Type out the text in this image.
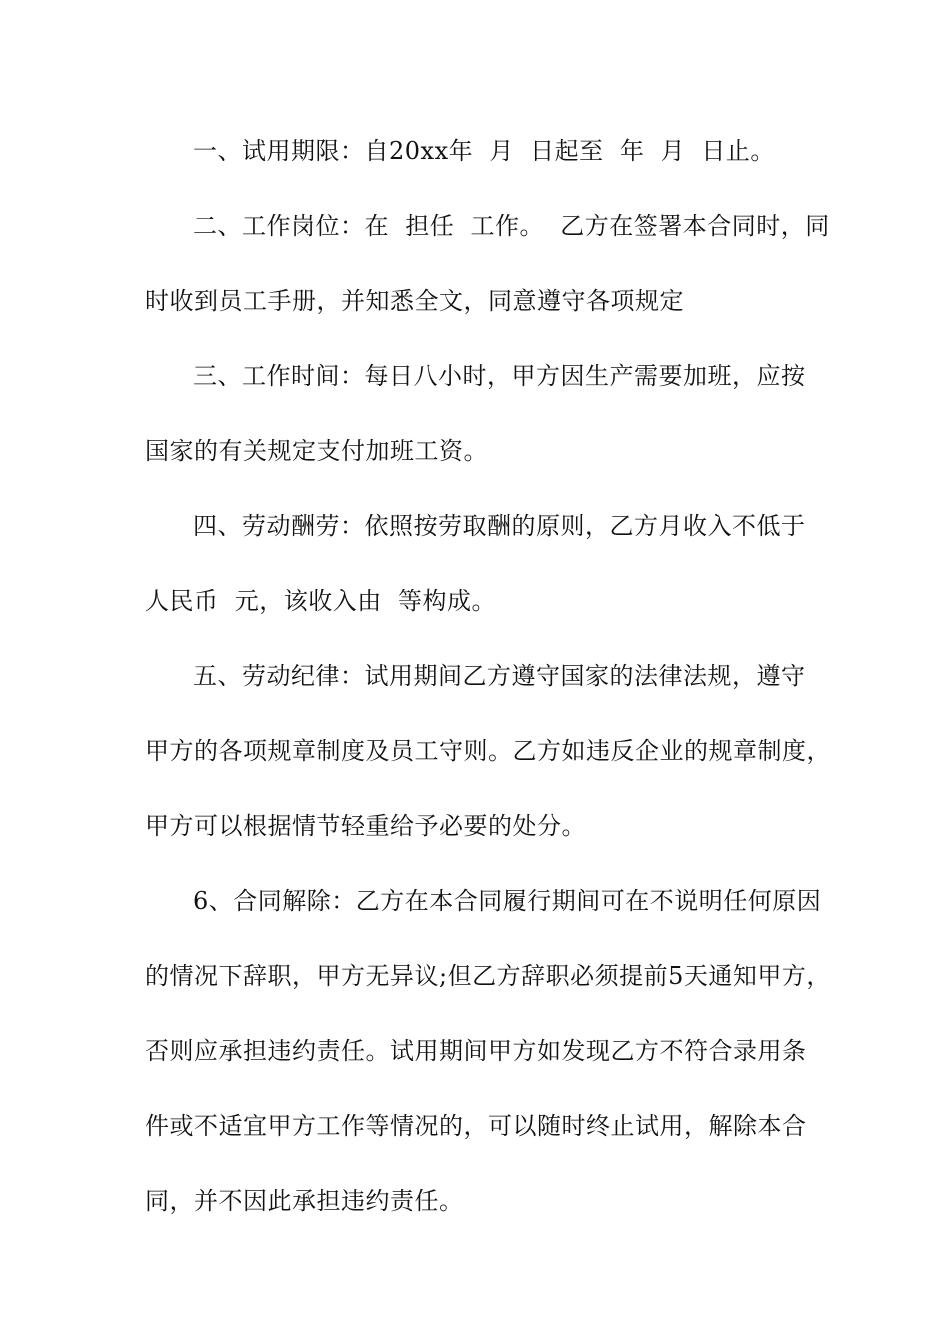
一、试用期限：自20xx年  月  日起至  年  月  日止。
二、工作岗位：在  担任  工作。  乙方在签署本合同时，同
时收到员工手册，并知悉全文，同意遵守各项规定
三、工作时间：每日八小时，甲方因生产需要加班，应按
国家的有关规定支付加班工资。
四、劳动酬劳：依照按劳取酬的原则，乙方月收入不低于
人民币  元，该收入由  等构成。
五、劳动纪律：试用期间乙方遵守国家的法律法规，遵守
甲方的各项规章制度及员工守则。乙方如违反企业的规章制度，
甲方可以根据情节轻重给予必要的处分。
6、合同解除：乙方在本合同履行期间可在不说明任何原因
的情况下辞职，甲方无异议;但乙方辞职必须提前5天通知甲方，
否则应承担违约责任。试用期间甲方如发现乙方不符合录用条
件或不适宜甲方工作等情况的，可以随时终止试用，解除本合
同，并不因此承担违约责任。
